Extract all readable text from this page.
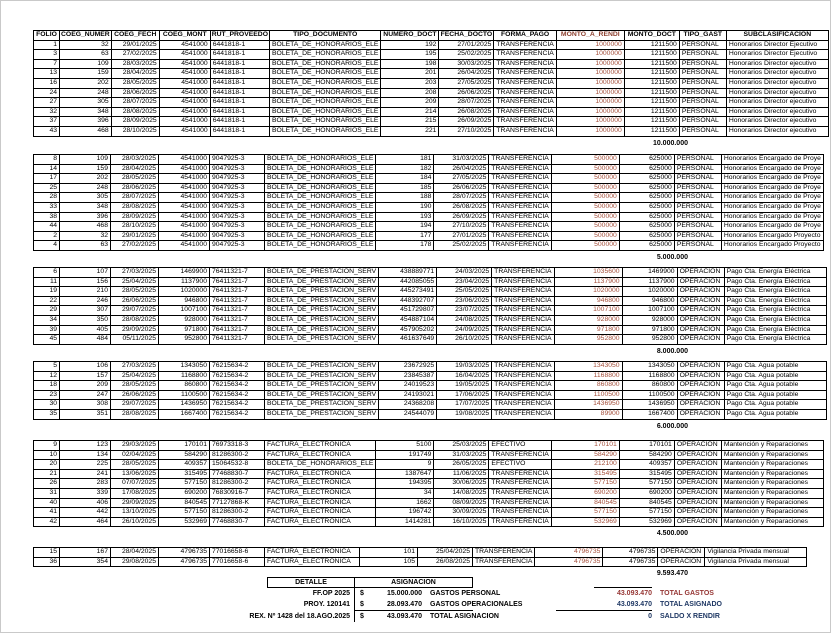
FOLIO	COEG_NUMER	COEG_FECH	COEG_MONT	RUT_PROVEEDO	TIPO_DOCUMENTO	NUMERO_DOCT	FECHA_DOCTO	FORMA_PAGO	MONTO_A_RENDI	MONTO_DOCT	TIPO_GAST	SUBCLASIFICACION
1	32	29/01/2025	4541000	6441818-1	BOLETA_DE_HONORARIOS_ELE	192	27/01/2025	TRANSFERENCIA	1000000	1211500	PERSONAL	Honorarios Director Ejecutivo
3	63	27/02/2025	4541000	6441818-1	BOLETA_DE_HONORARIOS_ELE	195	25/02/2025	TRANSFERENCIA	1000000	1211500	PERSONAL	Honorarios Director Ejecutivo
7	109	28/03/2025	4541000	6441818-1	BOLETA_DE_HONORARIOS_ELE	198	30/03/2025	TRANSFERENCIA	1000000	1211500	PERSONAL	Honorarios Director ejecutivo
13	159	28/04/2025	4541000	6441818-1	BOLETA_DE_HONORARIOS_ELE	201	26/04/2025	TRANSFERENCIA	1000000	1211500	PERSONAL	Honorarios Director ejecutivo
16	202	28/05/2025	4541000	6441818-1	BOLETA_DE_HONORARIOS_ELE	203	27/05/2025	TRANSFERENCIA	1000000	1211500	PERSONAL	Honorarios Director ejecutivo
24	248	28/06/2025	4541000	6441818-1	BOLETA_DE_HONORARIOS_ELE	208	26/06/2025	TRANSFERENCIA	1000000	1211500	PERSONAL	Honorarios Director ejecutivo
27	305	28/07/2025	4541000	6441818-1	BOLETA_DE_HONORARIOS_ELE	209	28/07/2025	TRANSFERENCIA	1000000	1211500	PERSONAL	Honorarios Director ejecutivo
32	348	28/08/2025	4541000	6441818-1	BOLETA_DE_HONORARIOS_ELE	214	26/08/2025	TRANSFERENCIA	1000000	1211500	PERSONAL	Honorarios Director ejecutivo
37	396	28/09/2025	4541000	6441818-1	BOLETA_DE_HONORARIOS_ELE	215	26/09/2025	TRANSFERENCIA	1000000	1211500	PERSONAL	Honorarios Director ejecutivo
43	468	28/10/2025	4541000	6441818-1	BOLETA_DE_HONORARIOS_ELE	221	27/10/2025	TRANSFERENCIA	1000000	1211500	PERSONAL	Honorarios Director ejecutivo
10.000.000
8	109	28/03/2025	4541000	9047925-3	BOLETA_DE_HONORARIOS_ELE	181	31/03/2025	TRANSFERENCIA	500000	625000	PERSONAL	Honorarios Encargado de Proye
14	159	28/04/2025	4541000	9047925-3	BOLETA_DE_HONORARIOS_ELE	182	26/04/2025	TRANSFERENCIA	500000	625000	PERSONAL	Honorarios Encargado de Proye
17	202	28/05/2025	4541000	9047925-3	BOLETA_DE_HONORARIOS_ELE	184	27/05/2025	TRANSFERENCIA	500000	625000	PERSONAL	Honorarios Encargado de Proye
25	248	28/06/2025	4541000	9047925-3	BOLETA_DE_HONORARIOS_ELE	185	26/06/2025	TRANSFERENCIA	500000	625000	PERSONAL	Honorarios Encargado de Proye
28	305	28/07/2025	4541000	9047925-3	BOLETA_DE_HONORARIOS_ELE	188	28/07/2025	TRANSFERENCIA	500000	625000	PERSONAL	Honorarios Encargado de Proye
33	348	28/08/2025	4541000	9047925-3	BOLETA_DE_HONORARIOS_ELE	190	26/08/2025	TRANSFERENCIA	500000	625000	PERSONAL	Honorarios Encargado de Proye
38	396	28/09/2025	4541000	9047925-3	BOLETA_DE_HONORARIOS_ELE	193	26/09/2025	TRANSFERENCIA	500000	625000	PERSONAL	Honorarios Encargado de Proye
44	468	28/10/2025	4541000	9047925-3	BOLETA_DE_HONORARIOS_ELE	194	27/10/2025	TRANSFERENCIA	500000	625000	PERSONAL	Honorarios Encargado de Proye
2	32	29/01/2025	4541000	9047925-3	BOLETA_DE_HONORARIOS_ELE	177	27/01/2025	TRANSFERENCIA	500000	625000	PERSONAL	Honorarios Encargado Proyecto
4	63	27/02/2025	4541000	9047925-3	BOLETA_DE_HONORARIOS_ELE	178	25/02/2025	TRANSFERENCIA	500000	625000	PERSONAL	Honorarios Encargado Proyecto
5.000.000
6	107	27/03/2025	1469900	76411321-7	BOLETA_DE_PRESTACION_SERV	438889771	24/03/2025	TRANSFERENCIA	1035600	1469900	OPERACION	Pago Cta. Energía Eléctrica
11	156	25/04/2025	1137900	76411321-7	BOLETA_DE_PRESTACION_SERV	442085055	23/04/2025	TRANSFERENCIA	1137900	1137900	OPERACION	Pago Cta. Energía Eléctrica
19	210	28/05/2025	1020000	76411321-7	BOLETA_DE_PRESTACION_SERV	445273491	25/05/2025	TRANSFERENCIA	1020000	1020000	OPERACION	Pago Cta. Energía Eléctrica
22	246	26/06/2025	946800	76411321-7	BOLETA_DE_PRESTACION_SERV	448392707	23/06/2025	TRANSFERENCIA	946800	946800	OPERACION	Pago Cta. Energía Eléctrica
29	307	29/07/2025	1007100	76411321-7	BOLETA_DE_PRESTACION_SERV	451729807	23/07/2025	TRANSFERENCIA	1007100	1007100	OPERACION	Pago Cta. Energía Eléctrica
34	350	28/08/2025	928000	76411321-7	BOLETA_DE_PRESTACION_SERV	454887104	24/08/2025	TRANSFERENCIA	928000	928000	OPERACION	Pago Cta. Energía Eléctrica
39	405	29/09/2025	971800	76411321-7	BOLETA_DE_PRESTACION_SERV	457905202	24/09/2025	TRANSFERENCIA	971800	971800	OPERACION	Pago Cta. Energía Eléctrica
45	484	05/11/2025	952800	76411321-7	BOLETA_DE_PRESTACION_SERV	461637649	26/10/2025	TRANSFERENCIA	952800	952800	OPERACION	Pago Cta. Energía Eléctrica
8.000.000
5	106	27/03/2025	1343050	76215634-2	BOLETA_DE_PRESTACION_SERV	23672925	19/03/2025	TRANSFERENCIA	1343050	1343050	OPERACION	Pago Cta. Agua potable
12	157	25/04/2025	1168800	76215634-2	BOLETA_DE_PRESTACION_SERV	23845387	16/04/2025	TRANSFERENCIA	1168800	1168800	OPERACION	Pago Cta. Agua potable
18	209	28/05/2025	860800	76215634-2	BOLETA_DE_PRESTACION_SERV	24019523	19/05/2025	TRANSFERENCIA	860800	860800	OPERACION	Pago Cta. Agua potable
23	247	26/06/2025	1100500	76215634-2	BOLETA_DE_PRESTACION_SERV	24193021	17/06/2025	TRANSFERENCIA	1100500	1100500	OPERACION	Pago Cta. Agua potable
30	308	29/07/2025	1436950	76215634-2	BOLETA_DE_PRESTACION_SERV	24368208	17/07/2025	TRANSFERENCIA	1436950	1436950	OPERACION	Pago Cta. Agua potable
35	351	28/08/2025	1667400	76215634-2	BOLETA_DE_PRESTACION_SERV	24544079	19/08/2025	TRANSFERENCIA	89900	1667400	OPERACION	Pago Cta. Agua potable
6.000.000
9	123	29/03/2025	170101	76973318-3	FACTURA_ELECTRONICA	5100	25/03/2025	EFECTIVO	170101	170101	OPERACION	Mantención y Reparaciones
10	134	02/04/2025	584290	81286300-2	FACTURA_ELECTRONICA	191749	31/03/2025	TRANSFERENCIA	584290	584290	OPERACION	Mantención y Reparaciones
20	225	28/05/2025	409357	15064532-8	BOLETA_DE_HONORARIOS_ELE	9	26/05/2025	EFECTIVO	212100	409357	OPERACION	Mantención y Reparaciones
21	241	13/06/2025	315495	77468830-7	FACTURA_ELECTRONICA	1387647	11/06/2025	TRANSFERENCIA	315495	315495	OPERACION	Mantención y Reparaciones
26	283	07/07/2025	577150	81286300-2	FACTURA_ELECTRONICA	194395	30/06/2025	TRANSFERENCIA	577150	577150	OPERACION	Mantención y Reparaciones
31	339	17/08/2025	690200	76830916-7	FACTURA_ELECTRONICA	34	14/08/2025	TRANSFERENCIA	690200	690200	OPERACION	Mantención y Reparaciones
40	406	29/09/2025	840545	77127868-K	FACTURA_ELECTRONICA	1662	08/09/2025	TRANSFERENCIA	840545	840545	OPERACION	Mantención y Reparaciones
41	442	13/10/2025	577150	81286300-2	FACTURA_ELECTRONICA	196742	30/09/2025	TRANSFERENCIA	577150	577150	OPERACION	Mantención y Reparaciones
42	464	26/10/2025	532969	77468830-7	FACTURA_ELECTRONICA	1414281	16/10/2025	TRANSFERENCIA	532969	532969	OPERACION	Mantención y Reparaciones
4.500.000
15	167	28/04/2025	4796735	77016658-6	FACTURA_ELECTRONICA	101	25/04/2025	TRANSFERENCIA	4796735	4796735	OPERACION	Vigilancia Privada mensual
36	354	29/08/2025	4796735	77016658-6	FACTURA_ELECTRONICA	105	26/08/2025	TRANSFERENCIA	4796735	4796735	OPERACION	Vigilancia Privada mensual
9.593.470
DETALLE	ASIGNACION
FF.OP 2025 $	15.000.000 GASTOS PERSONAL
PROY. 120141 $	28.093.470 GASTOS OPERACIONALES
REX. Nº 1428 del 18.AGO.2025 $	43.093.470 TOTAL ASIGNACION
43.093.470 TOTAL GASTOS
43.093.470 TOTAL ASIGNADO
0 SALDO X RENDIR
